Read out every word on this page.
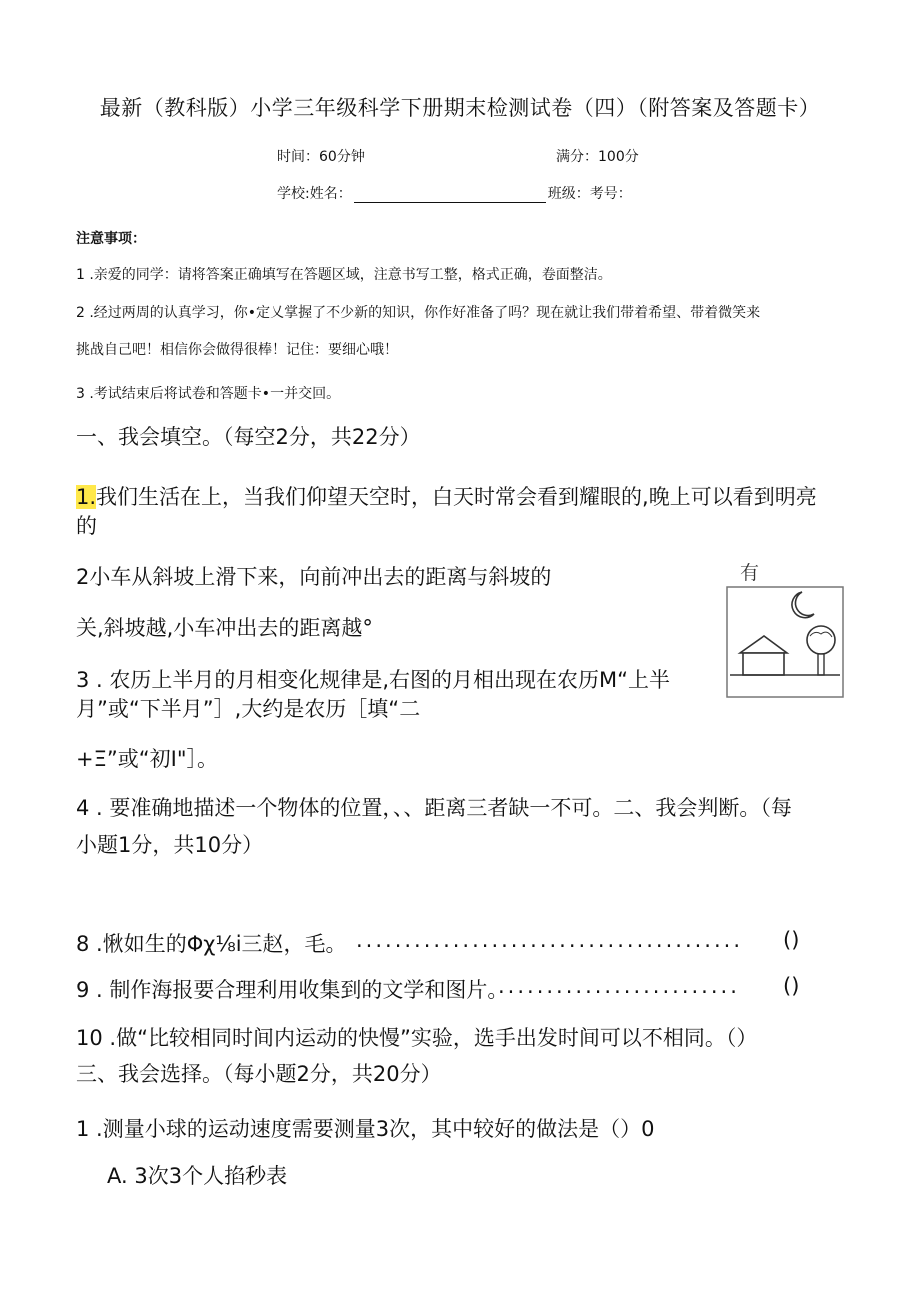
最新（教科版）小学三年级科学下册期末检测试卷（四）（附答案及答题卡）
时间：60分钟	满分：100分
学校:姓名：	班级：考号：
注意事项：
1 .亲爱的同学：请将答案正确填写在答题区域，注意书写工整，格式正确，卷面整洁。
2 .经过两周的认真学习，你•定乂掌握了不少新的知识，你作好准备了吗？现在就让我们带着希望、带着微笑来
挑战自己吧！相信你会做得很棒！记住：要细心哦！
3 .考试结束后将试卷和答题卡•一并交回。
一、我会填空。（每空2分，共22分）
1.我们生活在上，当我们仰望天空时，白天时常会看到耀眼的,晚上可以看到明亮
的
2小车从斜坡上滑下来，向前冲出去的距离与斜坡的
关,斜坡越,小车冲出去的距离越°
有
3 . 农历上半月的月相变化规律是,右图的月相出现在农历M“上半
月”或“下半月”］,大约是农历［填“二
+Ξ”或“初I"］。
4 . 要准确地描述一个物体的位置，、、距离三者缺一不可。二、我会判断。（每
小题1分，共10分）
8 .愀如生的Φχ⅛i三赵，毛。 ........................................ ()
9 . 制作海报要合理利用收集到的文学和图片。
......................... ()
10 .做“比较相同时间内运动的快慢”实验，选手出发时间可以不相同。（）
三、我会选择。（每小题2分，共20分）
1 .测量小球的运动速度需要测量3次，其中较好的做法是（）0
A. 3次3个人掐秒表
